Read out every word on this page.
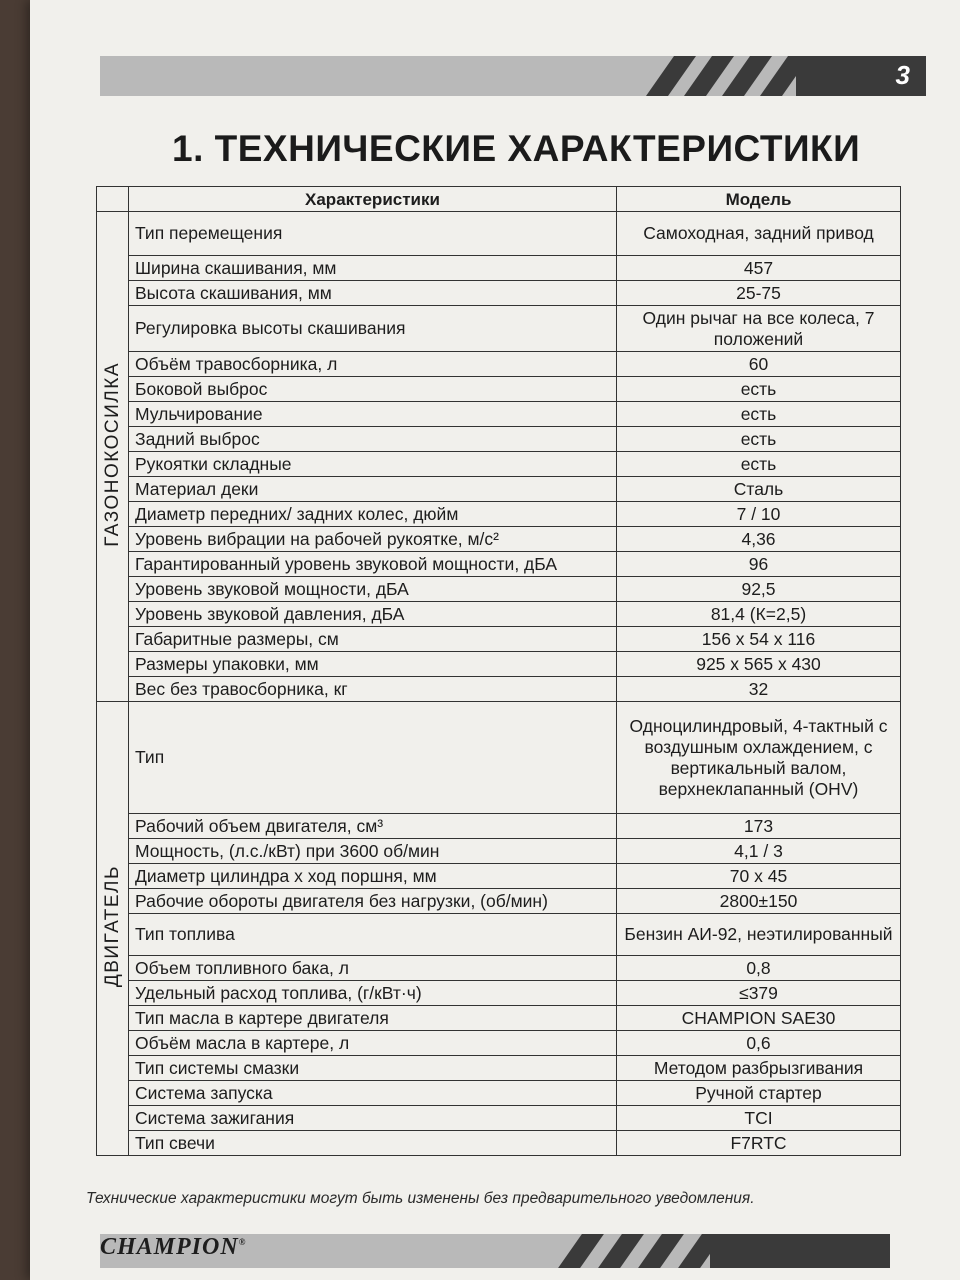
3
1. ТЕХНИЧЕСКИЕ ХАРАКТЕРИСТИКИ
	Характеристики	Модель
ГАЗОНОКОСИЛКА	Тип перемещения	Самоходная, задний привод
	Ширина скашивания, мм	457
	Высота скашивания, мм	25-75
	Регулировка высоты скашивания	Один рычаг на все колеса, 7 положений
	Объём травосборника, л	60
	Боковой выброс	есть
	Мульчирование	есть
	Задний выброс	есть
	Рукоятки складные	есть
	Материал деки	Сталь
	Диаметр передних/ задних колес, дюйм	7 / 10
	Уровень вибрации на рабочей рукоятке, м/с²	4,36
	Гарантированный уровень звуковой мощности, дБА	96
	Уровень звуковой мощности, дБА	92,5
	Уровень звуковой давления, дБА	81,4 (К=2,5)
	Габаритные размеры, см	156 x 54 x 116
	Размеры упаковки, мм	925 x 565 x 430
	Вес без травосборника, кг	32
ДВИГАТЕЛЬ	Тип	Одноцилиндровый, 4-тактный с воздушным охлаждением, с вертикальный валом, верхнеклапанный (OHV)
	Рабочий объем двигателя, см³	173
	Мощность, (л.с./кВт) при 3600 об/мин	4,1 / 3
	Диаметр цилиндра x ход поршня, мм	70 x 45
	Рабочие обороты двигателя без нагрузки, (об/мин)	2800±150
	Тип топлива	Бензин АИ-92, неэтилированный
	Объем топливного бака, л	0,8
	Удельный расход топлива, (г/кВт·ч)	≤379
	Тип масла в картере двигателя	CHAMPION SAE30
	Объём масла в картере, л	0,6
	Тип системы смазки	Методом разбрызгивания
	Система запуска	Ручной стартер
	Система зажигания	TCI
	Тип свечи	F7RTC
Технические характеристики могут быть изменены без предварительного уведомления.
CHAMPION®
